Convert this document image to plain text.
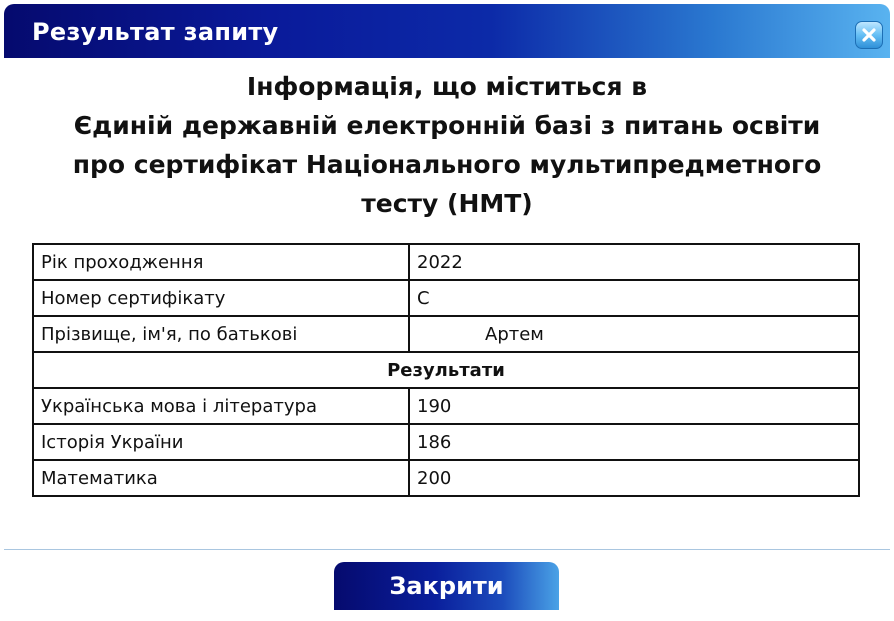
Результат запиту
Інформація, що міститься в
Єдиній державній електронній базі з питань освіти
про сертифікат Національного мультипредметного
тесту (НМТ)
Рік проходження	2022
Номер сертифікату	С
Прізвище, ім'я, по батькові	Артем
Результати	
Українська мова і література	190
Історія України	186
Математика	200
Закрити
